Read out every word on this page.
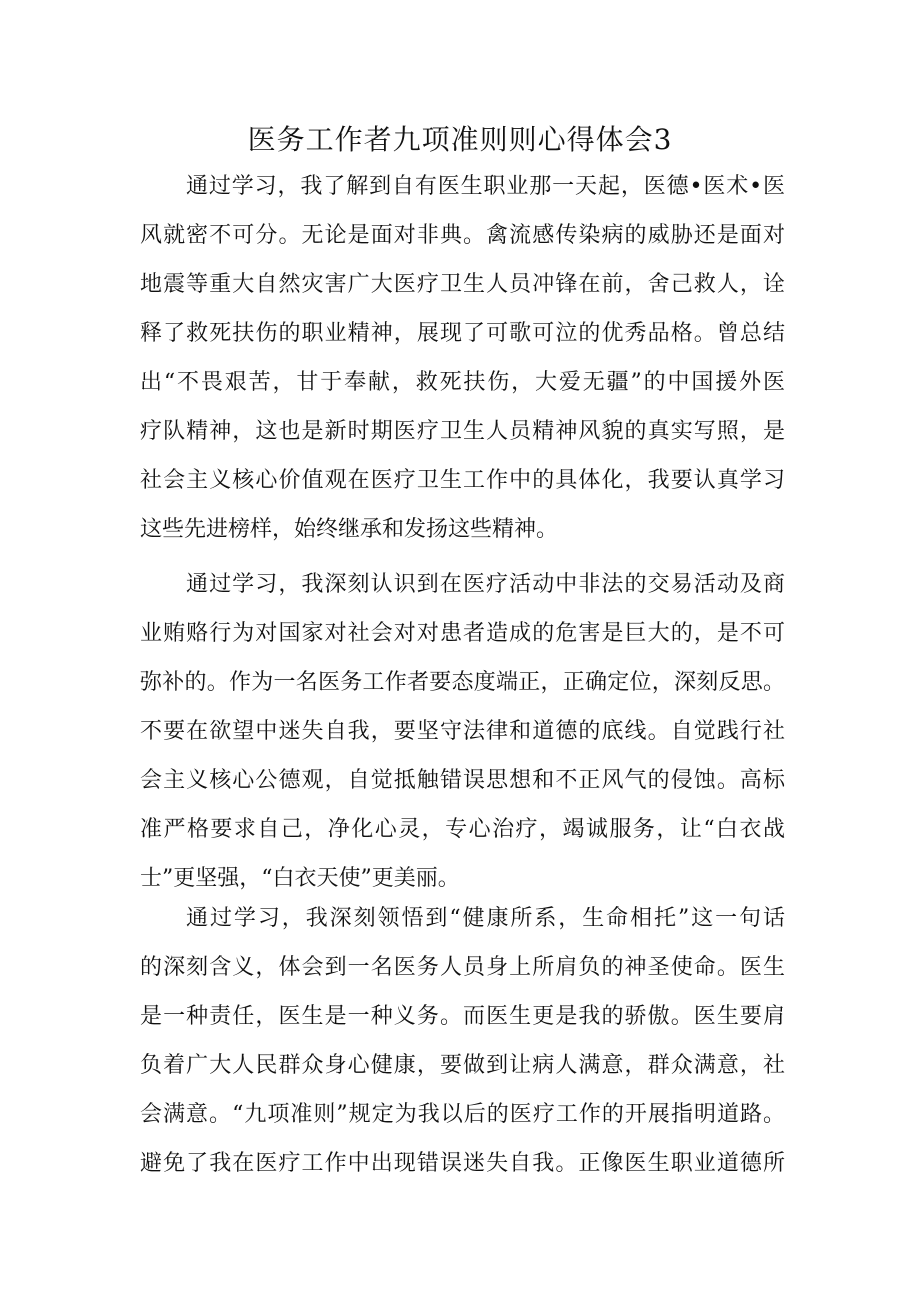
医务工作者九项准则则心得体会3
通过学习，我了解到自有医生职业那一天起，医德•医术•医
风就密不可分。无论是面对非典。禽流感传染病的威胁还是面对
地震等重大自然灾害广大医疗卫生人员冲锋在前，舍己救人，诠
释了救死扶伤的职业精神，展现了可歌可泣的优秀品格。曾总结
出“不畏艰苦，甘于奉献，救死扶伤，大爱无疆”的中国援外医
疗队精神，这也是新时期医疗卫生人员精神风貌的真实写照，是
社会主义核心价值观在医疗卫生工作中的具体化，我要认真学习
这些先进榜样，始终继承和发扬这些精神。
通过学习，我深刻认识到在医疗活动中非法的交易活动及商
业贿赂行为对国家对社会对对患者造成的危害是巨大的，是不可
弥补的。作为一名医务工作者要态度端正，正确定位，深刻反思。
不要在欲望中迷失自我，要坚守法律和道德的底线。自觉践行社
会主义核心公德观，自觉抵触错误思想和不正风气的侵蚀。高标
准严格要求自己，净化心灵，专心治疗，竭诚服务，让“白衣战
士”更坚强，“白衣天使”更美丽。
通过学习，我深刻领悟到“健康所系，生命相托”这一句话
的深刻含义，体会到一名医务人员身上所肩负的神圣使命。医生
是一种责任，医生是一种义务。而医生更是我的骄傲。医生要肩
负着广大人民群众身心健康，要做到让病人满意，群众满意，社
会满意。“九项准则”规定为我以后的医疗工作的开展指明道路。
避免了我在医疗工作中出现错误迷失自我。正像医生职业道德所
